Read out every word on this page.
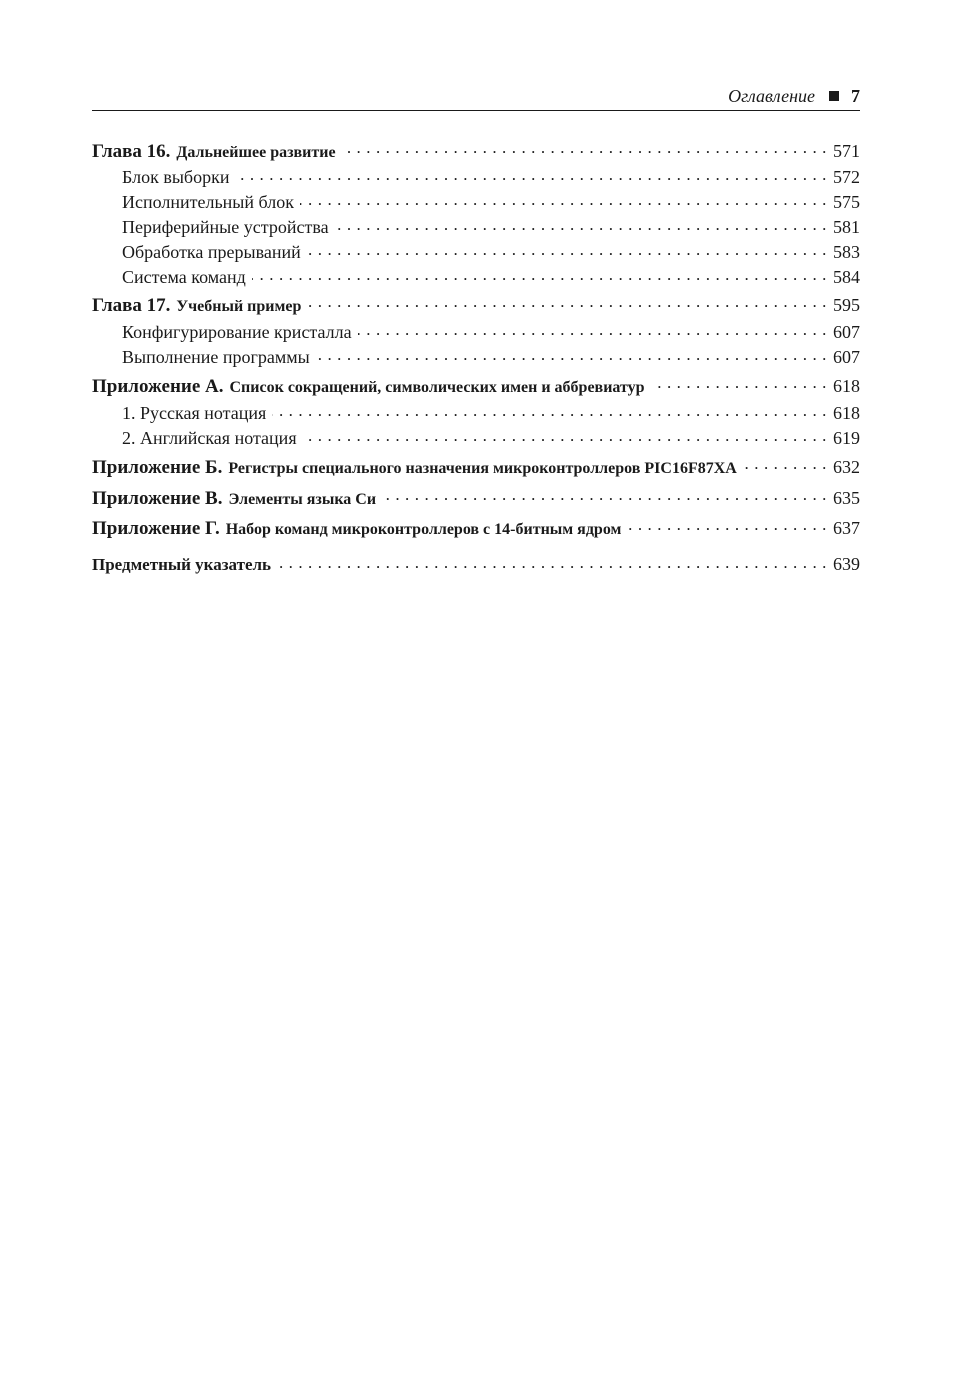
Оглавление 7
Глава 16. Дальнейшее развитие . . .	571
Блок выборки . . .	572
Исполнительный блок . . .	575
Периферийные устройства . . .	581
Обработка прерываний . . .	583
Система команд . . .	584
Глава 17. Учебный пример . . .	595
Конфигурирование кристалла . . .	607
Выполнение программы . . .	607
Приложение А. Список сокращений, символических имен и аббревиатур . . .	618
1. Русская нотация . . .	618
2. Английская нотация . . .	619
Приложение Б. Регистры специального назначения микроконтроллеров PIC16F87XA . . .	632
Приложение В. Элементы языка Си . . .	635
Приложение Г. Набор команд микроконтроллеров с 14-битным ядром . . .	637
Предметный указатель . . .	639
